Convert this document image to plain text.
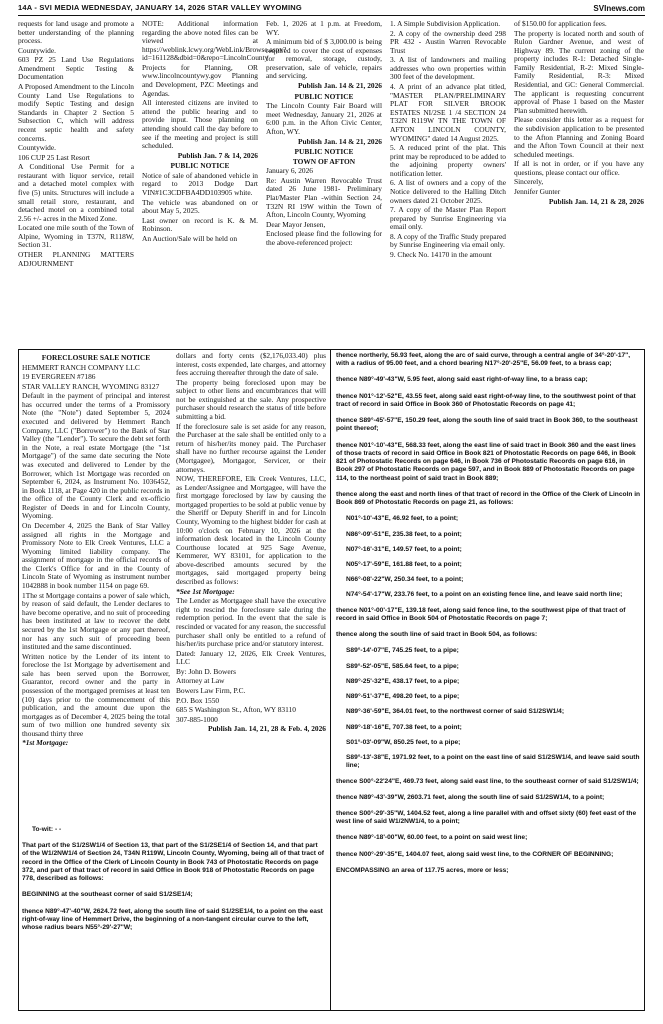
14A - SVI MEDIA WEDNESDAY, JANUARY 14, 2026 STAR VALLEY WYOMING	SVInews.com

requests for land usage and promote a better understanding of the planning process.

Countywide.

603 PZ 25 Land Use Regulations Amendment Septic Testing & Documentation

A Proposed Amendment to the Lincoln County Land Use Regulations to modify Septic Testing and design Standards in Chapter 2 Section 5 Subsection C, which will address recent septic health and safety concerns.

Countywide.

106 CUP 25 Last Resort

A Conditional Use Permit for a restaurant with liquor service, retail and a detached motel complex with five (5) units. Structures will include a small retail store, restaurant, and detached motel on a combined total 2.56 +/- acres in the Mixed Zone.

Located one mile south of the Town of Alpine, Wyoming in T37N, R118W, Section 31.

OTHER PLANNING MATTERS ADJOURNMENT

NOTE: Additional information regarding the above noted files can be viewed at https://weblink.lcwy.org/WebLink/Browse.aspx?id=161128&dbid=0&repo=LincolnCounty

Projects for Planning, OR www.lincolncountywy.gov Planning and Development, PZC Meetings and Agendas.

All interested citizens are invited to attend the public hearing and to provide input. Those planning on attending should call the day before to see if the meeting and project is still scheduled.

Publish Jan. 7 & 14, 2026

PUBLIC NOTICE

Notice of sale of abandoned vehicle in regard to 2013 Dodge Dart VIN#1C3CDFBA4DD103905 white.

The vehicle was abandoned on or about May 5, 2025.

Last owner on record is K. & M. Robinson.

An Auction/Sale will be held on

Feb. 1, 2026 at 1 p.m. at Freedom, WY.

A minimum bid of $ 3,000.00 is being required to cover the cost of expenses for removal, storage, custody, preservation, sale of vehicle, repairs and servicing.

Publish Jan. 14 & 21, 2026

PUBLIC NOTICE

The Lincoln County Fair Board will meet Wednesday, January 21, 2026 at 6:00 p.m. in the Afton Civic Center, Afton, WY.

Publish Jan. 14 & 21, 2026

PUBLIC NOTICE

TOWN OF AFTON

January 6, 2026

Re: Austin Warren Revocable Trust dated 26 June 1981- Preliminary Plat/Master Plan -within Section 24, T32N RI 19W within the Town of Afton, Lincoln County, Wyoming

Dear Mayor Jensen,

Enclosed please find the following for the above-referenced project:

1. A Simple Subdivision Application.

2. A copy of the ownership deed 298 PR 432 - Austin Warren Revocable Trust

3. A list of landowners and mailing addresses who own properties within 300 feet of the development.

4. A print of an advance plat titled, "MASTER PLAN/PRELIMINARY PLAT FOR SILVER BROOK ESTATES NI/2SE 1 /4 SECTION 24 T32N R119W TN THE TOWN OF AFTON LINCOLN COUNTY, WYOMING" dated 14 August 2025.

5. A reduced print of the plat. This print may be reproduced to be added to the adjoining property owners' notification letter.

6. A list of owners and a copy of the Notice delivered to the Halling Ditch owners dated 21 October 2025.

7. A copy of the Master Plan Report prepared by Sunrise Engineering via email only.

8. A copy of the Traffic Study prepared by Sunrise Engineering via email only.

9. Check No. 14170 in the amount

of $150.00 for application fees.

The property is located north and south of Rulon Gardner Avenue, and west of Highway 89. The current zoning of the property includes R-1: Detached Single-Family Residential, R-2: Mixed Single-Family Residential, R-3: Mixed Residential, and GC: General Commercial. The applicant is requesting concurrent approval of Phase 1 based on the Master Plan submitted herewith.

Please consider this letter as a request for the subdivision application to be presented to the Afton Planning and Zoning Board and the Afton Town Council at their next scheduled meetings.

If all is not in order, or if you have any questions, please contact our office.

Sincerely,

Jennifer Gunter

Publish Jan. 14, 21 & 28, 2026

FORECLOSURE SALE NOTICE

HEMMERT RANCH COMPANY LLC

19 EVERGREEN #7186

STAR VALLEY RANCH, WYOMING 83127

Default in the payment of principal and interest has occurred under the terms of a Promissory Note (the "Note") dated September 5, 2024 executed and delivered by Hemmert Ranch Company, LLC ("Borrower") to the Bank of Star Valley (the "Lender"). To secure the debt set forth in the Note, a real estate Mortgage (the "1st Mortgage") of the same date securing the Note was executed and delivered to Lender by the Borrower, which 1st Mortgage was recorded on September 6, 2024, as Instrument No. 1036452, in Book 1118, at Page 420 in the public records in the office of the County Clerk and ex-officio Register of Deeds in and for Lincoln County, Wyoming.

On December 4, 2025 the Bank of Star Valley assigned all rights in the Mortgage and Promissory Note to Elk Creek Ventures, LLC a Wyoming limited liability company. The assignment of mortgage in the official records of the Clerk's Office for and in the County of Lincoln State of Wyoming as instrument number 1042888 in book number 1154 on page 69.

1The st Mortgage contains a power of sale which, by reason of said default, the Lender declares to have become operative, and no suit of proceeding has been instituted at law to recover the debt secured by the 1st Mortgage or any part thereof, nor has any such suit of proceeding been instituted and the same discontinued.

Written notice by the Lender of its intent to foreclose the 1st Mortgage by advertisement and sale has been served upon the Borrower, Guarantor, record owner and the party in possession of the mortgaged premises at least ten (10) days prior to the commencement of this publication, and the amount due upon the mortgages as of December 4, 2025 being the total sum of two million one hundred seventy six thousand thirty three

*1st Mortgage:

dollars and forty cents ($2,176,033.40) plus interest, costs expended, late charges, and attorney fees accruing thereafter through the date of sale.

The property being foreclosed upon may be subject to other liens and encumbrances that will not be extinguished at the sale. Any prospective purchaser should research the status of title before submitting a bid.

If the foreclosure sale is set aside for any reason, the Purchaser at the sale shall be entitled only to a return of his/her/its money paid. The Purchaser shall have no further recourse against the Lender (Mortgagee), Mortgagor, Servicer, or their attorneys.

NOW, THEREFORE, Elk Creek Ventures, LLC, as Lender/Assignee and Mortgagee, will have the first mortgage foreclosed by law by causing the mortgaged properties to be sold at public venue by the Sheriff or Deputy Sheriff in and for Lincoln County, Wyoming to the highest bidder for cash at 10:00 o'clock on February 10, 2026 at the information desk located in the Lincoln County Courthouse located at 925 Sage Avenue, Kemmerer, WY 83101, for application to the above-described amounts secured by the mortgages, said mortgaged property being described as follows:

*See 1st Mortgage:

The Lender as Mortgagee shall have the executive right to rescind the foreclosure sale during the redemption period. In the event that the sale is rescinded or vacated for any reason, the successful purchaser shall only be entitled to a refund of his/her/its purchase price and/or statutory interest.

Dated: January 12, 2026, Elk Creek Ventures, LLC

By: John D. Bowers

Attorney at Law

Bowers Law Firm, P.C.

P.O. Box 1550

685 S Washington St., Afton, WY 83110

307-885-1000

Publish Jan. 14, 21, 28 & Feb. 4, 2026

To-wit: - -

That part of the S1/2SW1/4 of Section 13, that part of the S1/2SE1/4 of Section 14, and that part of the W1/2NW1/4 of Section 24, T34N R119W, Lincoln County, Wyoming, being all of that tract of record in the Office of the Clerk of Lincoln County in Book 743 of Photostatic Records on page 372, and part of that tract of record in said Office in Book 918 of Photostatic Records on page 778, described as follows:

BEGINNING at the southeast corner of said S1/2SE1/4;

thence N89°-47'-40"W, 2624.72 feet, along the south line of said S1/2SE1/4, to a point on the east right-of-way line of Hemmert Drive, the beginning of a non-tangent circular curve to the left, whose radius bears N55°-29'-27"W;

thence northerly, 56.93 feet, along the arc of said curve, through a central angle of 34°-20'-17", with a radius of 95.00 feet, and a chord bearing N17°-20'-25"E, 56.09 feet, to a brass cap;

thence N89°-49'-43"W, 5.95 feet, along said east right-of-way line, to a brass cap;

thence N01°-12'-52"E, 43.55 feet, along said east right-of-way line, to the southwest point of that tract of record in said Office in Book 360 of Photostatic Records on page 41;

thence S89°-45'-57"E, 150.29 feet, along the south line of said tract in Book 360, to the southeast point thereof;

thence N01°-10'-43"E, 568.33 feet, along the east line of said tract in Book 360 and the east lines of those tracts of record in said Office in Book 821 of Photostatic Records on page 646, in Book 821 of Photostatic Records on page 646, in Book 736 of Photostatic Records on page 616, in Book 297 of Photostatic Records on page 597, and in Book 889 of Photostatic Records on page 114, to the northeast point of said tract in Book 889;

thence along the east and north lines of that tract of record in the Office of the Clerk of Lincoln in Book 869 of Photostatic Records on page 21, as follows:

N01°-10'-43"E, 46.92 feet, to a point;

N86°-09'-51"E, 235.38 feet, to a point;

N07°-16'-31"E, 149.57 feet, to a point;

N05°-17'-59"E, 161.88 feet, to a point;

N66°-08'-22"W, 250.34 feet, to a point;

N74°-54'-17"W, 233.76 feet, to a point on an existing fence line, and leave said north line;

thence N01°-00'-17"E, 139.18 feet, along said fence line, to the southwest pipe of that tract of record in said Office in Book 504 of Photostatic Records on page 7;

thence along the south line of said tract in Book 504, as follows:

S89°-14'-07"E, 745.25 feet, to a pipe;

S89°-52'-05"E, 585.64 feet, to a pipe;

N89°-25'-32"E, 438.17 feet, to a pipe;

N89°-51'-37"E, 498.20 feet, to a pipe;

N89°-36'-59"E, 364.01 feet, to the northwest corner of said S1/2SW1/4;

N89°-18'-16"E, 707.38 feet, to a point;

S01°-03'-09"W, 850.25 feet, to a pipe;

S89°-13'-38"E, 1971.92 feet, to a point on the east line of said S1/2SW1/4, and leave said south line;

thence S00°-22'24"E, 469.73 feet, along said east line, to the southeast corner of said S1/2SW1/4;

thence N89°-43'-39"W, 2603.71 feet, along the south line of said S1/2SW1/4, to a point;

thence S00°-29'-35"W, 1404.52 feet, along a line parallel with and offset sixty (60) feet east of the west line of said W1/2NW1/4, to a point;

thence N89°-18'-00"W, 60.00 feet, to a point on said west line;

thence N00°-29'-35"E, 1404.07 feet, along said west line, to the CORNER OF BEGINNING;

ENCOMPASSING an area of 117.75 acres, more or less;
